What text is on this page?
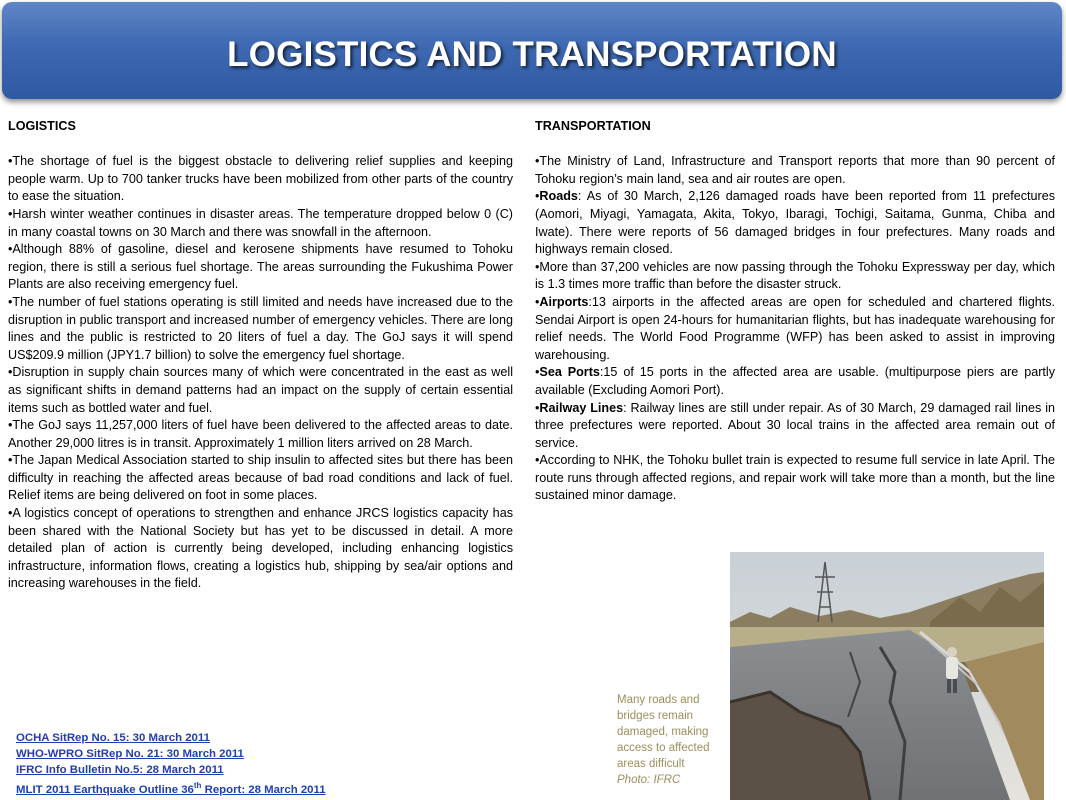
LOGISTICS AND TRANSPORTATION
LOGISTICS

•The shortage of fuel is the biggest obstacle to delivering relief supplies and keeping people warm. Up to 700 tanker trucks have been mobilized from other parts of the country to ease the situation.

•Harsh winter weather continues in disaster areas. The temperature dropped below 0 (C) in many coastal towns on 30 March and there was snowfall in the afternoon.

•Although 88% of gasoline, diesel and kerosene shipments have resumed to Tohoku region, there is still a serious fuel shortage. The areas surrounding the Fukushima Power Plants are also receiving emergency fuel.

•The number of fuel stations operating is still limited and needs have increased due to the disruption in public transport and increased number of emergency vehicles. There are long lines and the public is restricted to 20 liters of fuel a day. The GoJ says it will spend US$209.9 million (JPY1.7 billion) to solve the emergency fuel shortage.

•Disruption in supply chain sources many of which were concentrated in the east as well as significant shifts in demand patterns had an impact on the supply of certain essential items such as bottled water and fuel.

•The GoJ says 11,257,000 liters of fuel have been delivered to the affected areas to date. Another 29,000 litres is in transit. Approximately 1 million liters arrived on 28 March.

•The Japan Medical Association started to ship insulin to affected sites but there has been difficulty in reaching the affected areas because of bad road conditions and lack of fuel. Relief items are being delivered on foot in some places.

•A logistics concept of operations to strengthen and enhance JRCS logistics capacity has been shared with the National Society but has yet to be discussed in detail. A more detailed plan of action is currently being developed, including enhancing logistics infrastructure, information flows, creating a logistics hub, shipping by sea/air options and increasing warehouses in the field.

TRANSPORTATION

•The Ministry of Land, Infrastructure and Transport reports that more than 90 percent of Tohoku region’s main land, sea and air routes are open.

•Roads: As of 30 March, 2,126 damaged roads have been reported from 11 prefectures (Aomori, Miyagi, Yamagata, Akita, Tokyo, Ibaragi, Tochigi, Saitama, Gunma, Chiba and Iwate). There were reports of 56 damaged bridges in four prefectures. Many roads and highways remain closed.

•More than 37,200 vehicles are now passing through the Tohoku Expressway per day, which is 1.3 times more traffic than before the disaster struck.

•Airports:13 airports in the affected areas are open for scheduled and chartered flights. Sendai Airport is open 24-hours for humanitarian flights, but has inadequate warehousing for relief needs. The World Food Programme (WFP) has been asked to assist in improving warehousing.

•Sea Ports:15 of 15 ports in the affected area are usable. (multipurpose piers are partly available (Excluding Aomori Port).

•Railway Lines: Railway lines are still under repair. As of 30 March, 29 damaged rail lines in three prefectures were reported. About 30 local trains in the affected area remain out of service.

•According to NHK, the Tohoku bullet train is expected to resume full service in late April. The route runs through affected regions, and repair work will take more than a month, but the line sustained minor damage.

OCHA SitRep No. 15: 30 March 2011
WHO-WPRO SitRep No. 21: 30 March 2011
IFRC Info Bulletin No.5: 28 March 2011
MLIT 2011 Earthquake Outline 36th Report: 28 March 2011
Many roads and bridges remain damaged, making access to affected areas difficult
Photo: IFRC
